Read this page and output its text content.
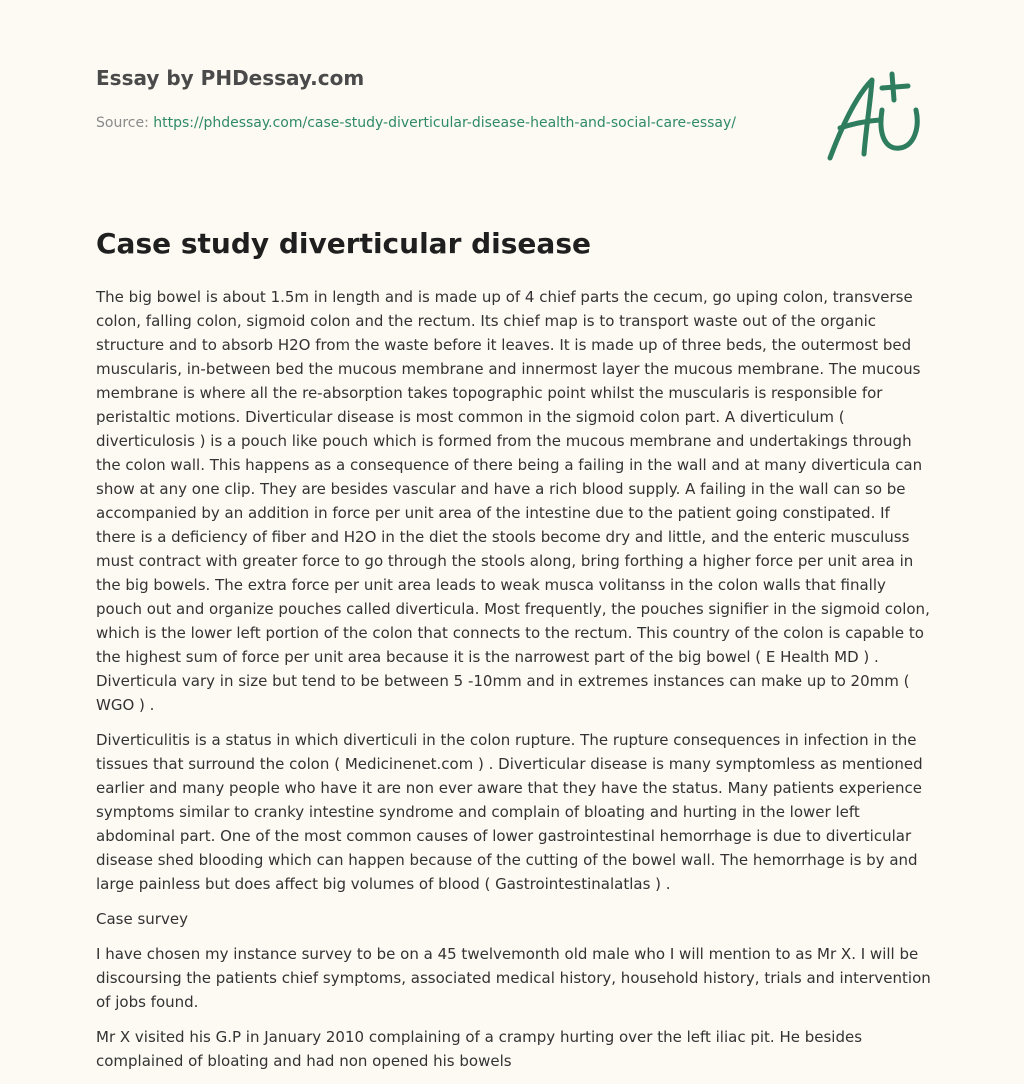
Essay by PHDessay.com
Source: https://phdessay.com/case-study-diverticular-disease-health-and-social-care-essay/
Case study diverticular disease

The big bowel is about 1.5m in length and is made up of 4 chief parts the cecum, go uping colon, transverse colon, falling colon, sigmoid colon and the rectum. Its chief map is to transport waste out of the organic structure and to absorb H2O from the waste before it leaves. It is made up of three beds, the outermost bed muscularis, in-between bed the mucous membrane and innermost layer the mucous membrane. The mucous membrane is where all the re-absorption takes topographic point whilst the muscularis is responsible for peristaltic motions. Diverticular disease is most common in the sigmoid colon part. A diverticulum ( diverticulosis ) is a pouch like pouch which is formed from the mucous membrane and undertakings through the colon wall. This happens as a consequence of there being a failing in the wall and at many diverticula can show at any one clip. They are besides vascular and have a rich blood supply. A failing in the wall can so be accompanied by an addition in force per unit area of the intestine due to the patient going constipated. If there is a deficiency of fiber and H2O in the diet the stools become dry and little, and the enteric musculuss must contract with greater force to go through the stools along, bring forthing a higher force per unit area in the big bowels. The extra force per unit area leads to weak musca volitanss in the colon walls that finally pouch out and organize pouches called diverticula. Most frequently, the pouches signifier in the sigmoid colon, which is the lower left portion of the colon that connects to the rectum. This country of the colon is capable to the highest sum of force per unit area because it is the narrowest part of the big bowel ( E Health MD ) . Diverticula vary in size but tend to be between 5 -10mm and in extremes instances can make up to 20mm ( WGO ) .

Diverticulitis is a status in which diverticuli in the colon rupture. The rupture consequences in infection in the tissues that surround the colon ( Medicinenet.com ) . Diverticular disease is many symptomless as mentioned earlier and many people who have it are non ever aware that they have the status. Many patients experience symptoms similar to cranky intestine syndrome and complain of bloating and hurting in the lower left abdominal part. One of the most common causes of lower gastrointestinal hemorrhage is due to diverticular disease shed blooding which can happen because of the cutting of the bowel wall. The hemorrhage is by and large painless but does affect big volumes of blood ( Gastrointestinalatlas ) .

Case survey

I have chosen my instance survey to be on a 45 twelvemonth old male who I will mention to as Mr X. I will be discoursing the patients chief symptoms, associated medical history, household history, trials and intervention of jobs found.

Mr X visited his G.P in January 2010 complaining of a crampy hurting over the left iliac pit. He besides complained of bloating and had non opened his bowels
